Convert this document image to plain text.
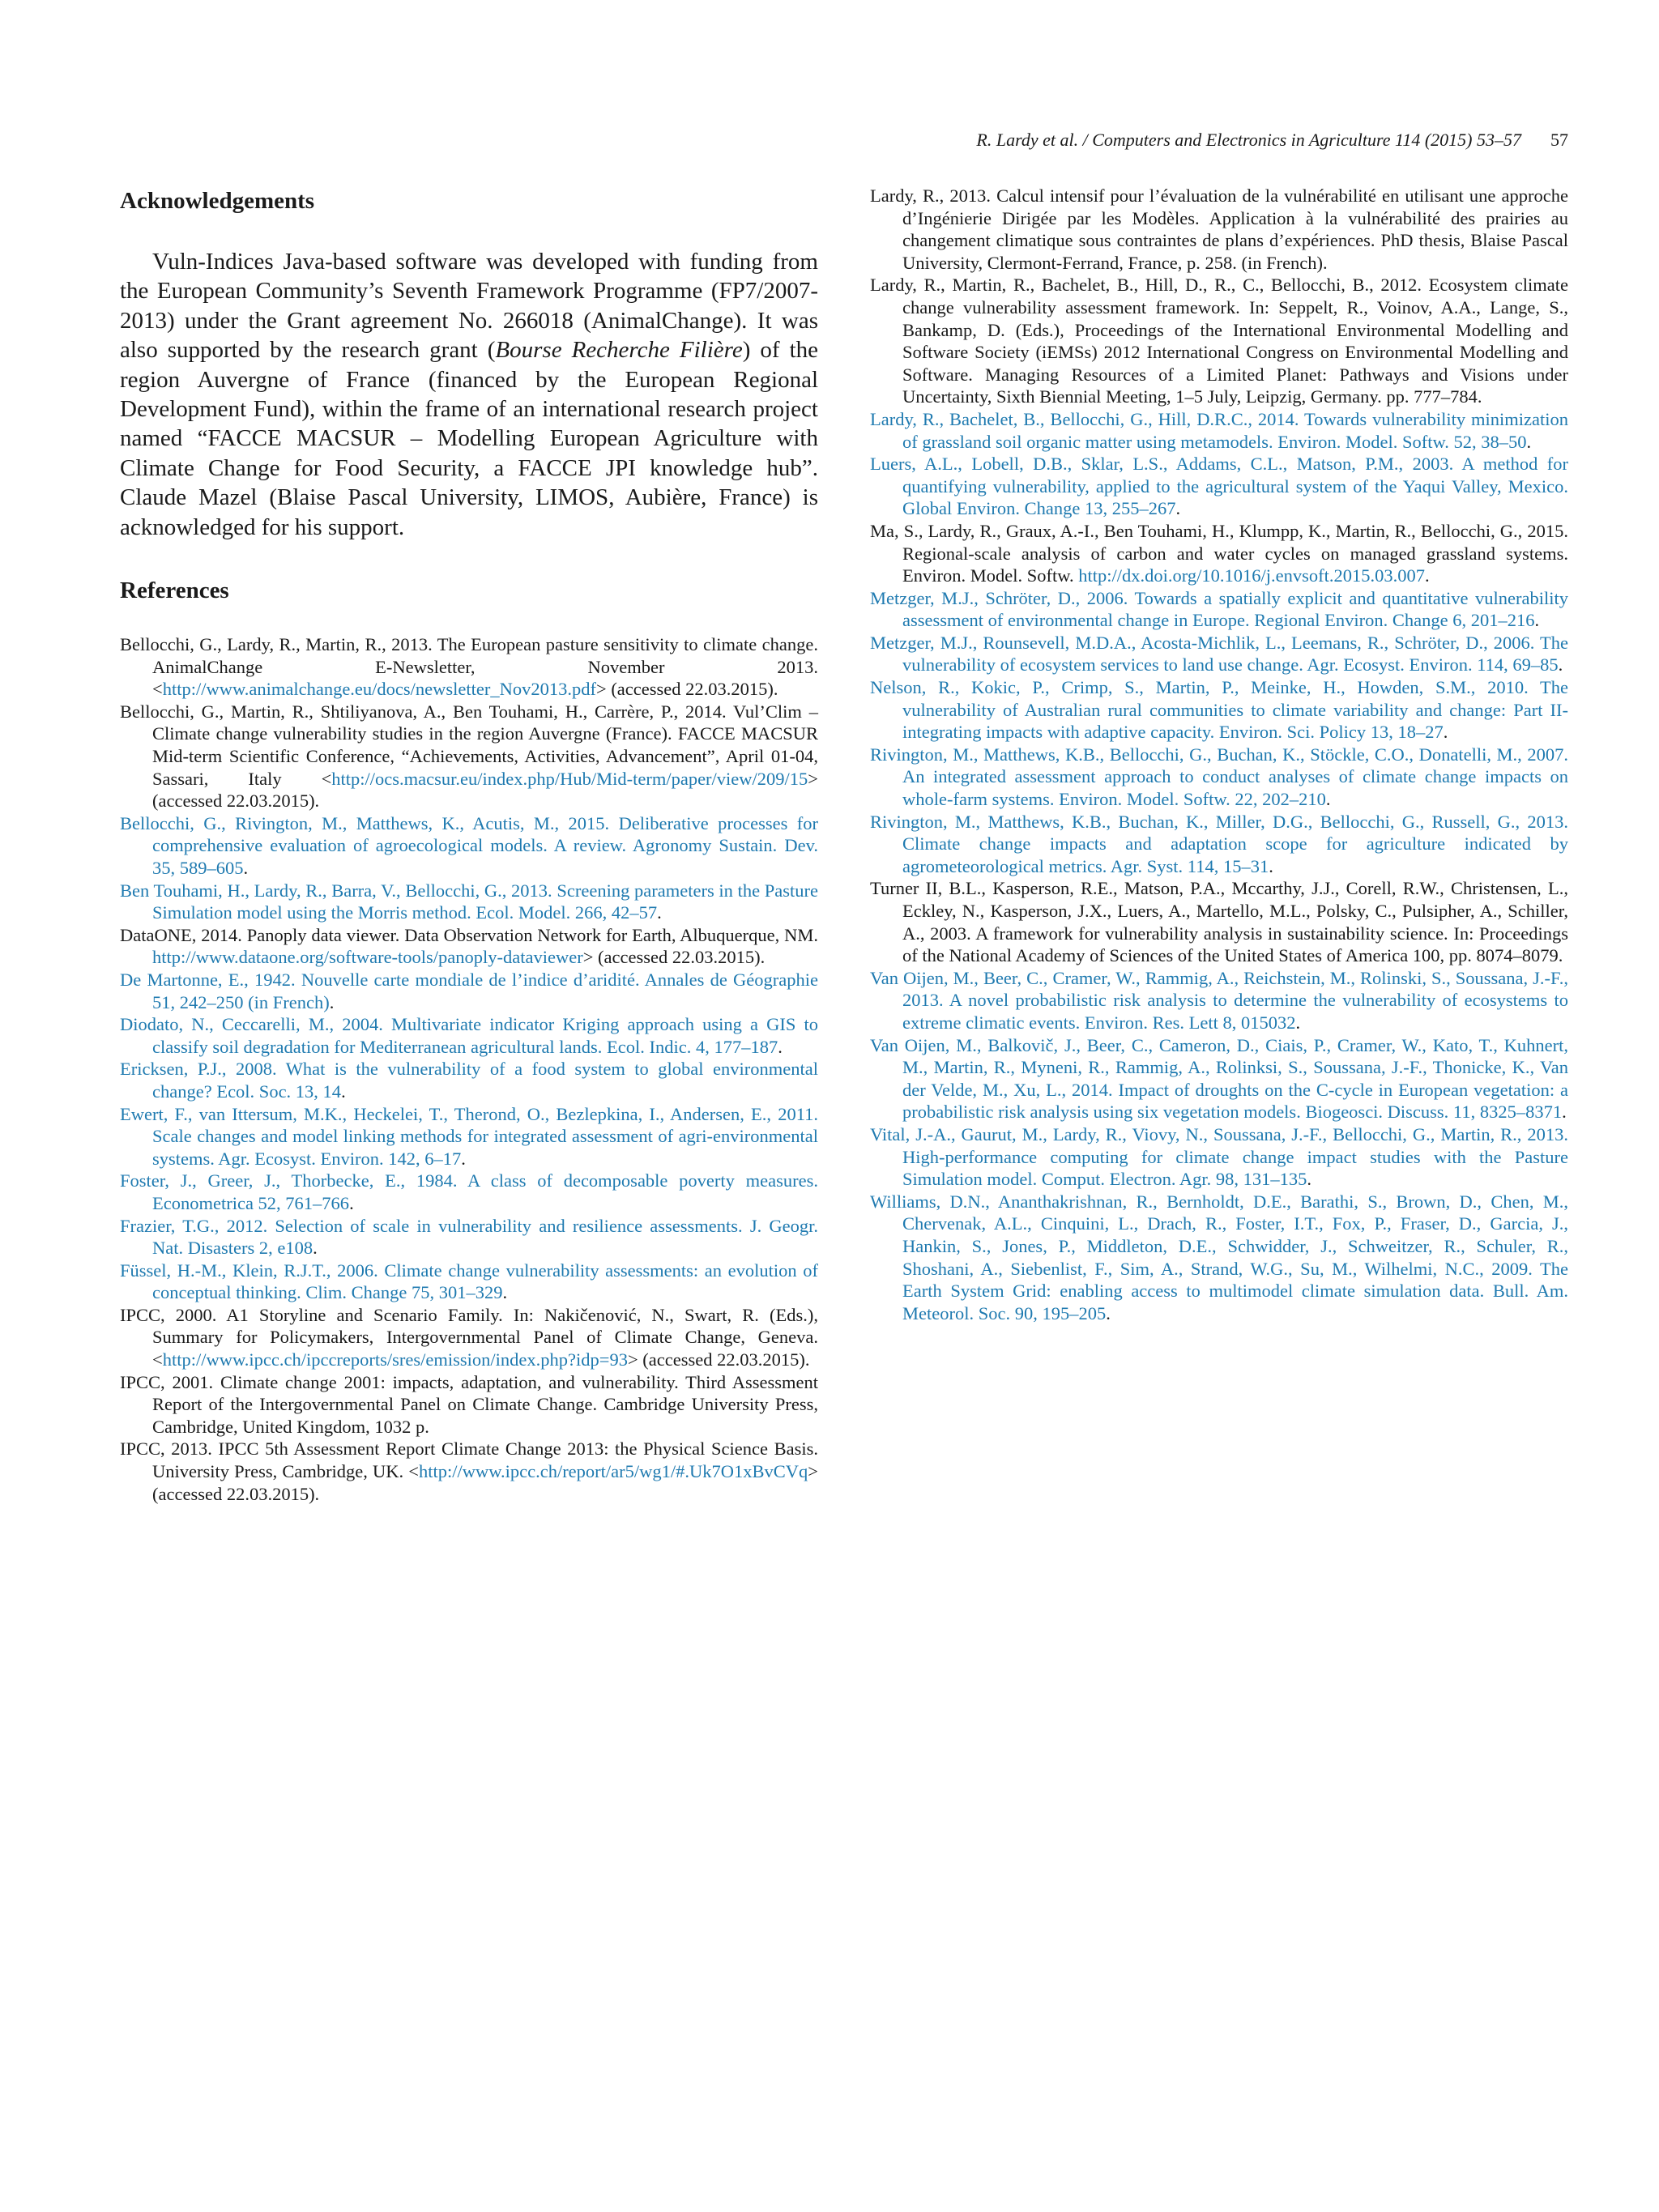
R. Lardy et al. / Computers and Electronics in Agriculture 114 (2015) 53–57 57
Acknowledgements

Vuln-Indices Java-based software was developed with funding from the European Community’s Seventh Framework Programme (FP7/2007-2013) under the Grant agreement No. 266018 (AnimalChange). It was also supported by the research grant (Bourse Recherche Filière) of the region Auvergne of France (financed by the European Regional Development Fund), within the frame of an international research project named “FACCE MACSUR – Modelling European Agriculture with Climate Change for Food Security, a FACCE JPI knowledge hub”. Claude Mazel (Blaise Pascal University, LIMOS, Aubière, France) is acknowledged for his support.

References
Bellocchi, G., Lardy, R., Martin, R., 2013. The European pasture sensitivity to climate change. AnimalChange E-Newsletter, November 2013. <http://www.animalchange.eu/docs/newsletter_Nov2013.pdf> (accessed 22.03.2015).
Bellocchi, G., Martin, R., Shtiliyanova, A., Ben Touhami, H., Carrère, P., 2014. Vul’Clim – Climate change vulnerability studies in the region Auvergne (France). FACCE MACSUR Mid-term Scientific Conference, “Achievements, Activities, Advancement”, April 01-04, Sassari, Italy <http://ocs.macsur.eu/index.php/Hub/Mid-term/paper/view/209/15> (accessed 22.03.2015).
Bellocchi, G., Rivington, M., Matthews, K., Acutis, M., 2015. Deliberative processes for comprehensive evaluation of agroecological models. A review. Agronomy Sustain. Dev. 35, 589–605.
Ben Touhami, H., Lardy, R., Barra, V., Bellocchi, G., 2013. Screening parameters in the Pasture Simulation model using the Morris method. Ecol. Model. 266, 42–57.
DataONE, 2014. Panoply data viewer. Data Observation Network for Earth, Albuquerque, NM. http://www.dataone.org/software-tools/panoply-dataviewer> (accessed 22.03.2015).
De Martonne, E., 1942. Nouvelle carte mondiale de l’indice d’aridité. Annales de Géographie 51, 242–250 (in French).
Diodato, N., Ceccarelli, M., 2004. Multivariate indicator Kriging approach using a GIS to classify soil degradation for Mediterranean agricultural lands. Ecol. Indic. 4, 177–187.
Ericksen, P.J., 2008. What is the vulnerability of a food system to global environmental change? Ecol. Soc. 13, 14.
Ewert, F., van Ittersum, M.K., Heckelei, T., Therond, O., Bezlepkina, I., Andersen, E., 2011. Scale changes and model linking methods for integrated assessment of agri-environmental systems. Agr. Ecosyst. Environ. 142, 6–17.
Foster, J., Greer, J., Thorbecke, E., 1984. A class of decomposable poverty measures. Econometrica 52, 761–766.
Frazier, T.G., 2012. Selection of scale in vulnerability and resilience assessments. J. Geogr. Nat. Disasters 2, e108.
Füssel, H.-M., Klein, R.J.T., 2006. Climate change vulnerability assessments: an evolution of conceptual thinking. Clim. Change 75, 301–329.
IPCC, 2000. A1 Storyline and Scenario Family. In: Nakičenović, N., Swart, R. (Eds.), Summary for Policymakers, Intergovernmental Panel of Climate Change, Geneva. <http://www.ipcc.ch/ipccreports/sres/emission/index.php?idp=93> (accessed 22.03.2015).
IPCC, 2001. Climate change 2001: impacts, adaptation, and vulnerability. Third Assessment Report of the Intergovernmental Panel on Climate Change. Cambridge University Press, Cambridge, United Kingdom, 1032 p.
IPCC, 2013. IPCC 5th Assessment Report Climate Change 2013: the Physical Science Basis. University Press, Cambridge, UK. <http://www.ipcc.ch/report/ar5/wg1/#.Uk7O1xBvCVq> (accessed 22.03.2015).
Lardy, R., 2013. Calcul intensif pour l’évaluation de la vulnérabilité en utilisant une approche d’Ingénierie Dirigée par les Modèles. Application à la vulnérabilité des prairies au changement climatique sous contraintes de plans d’expériences. PhD thesis, Blaise Pascal University, Clermont-Ferrand, France, p. 258. (in French).
Lardy, R., Martin, R., Bachelet, B., Hill, D., R., C., Bellocchi, B., 2012. Ecosystem climate change vulnerability assessment framework. In: Seppelt, R., Voinov, A.A., Lange, S., Bankamp, D. (Eds.), Proceedings of the International Environmental Modelling and Software Society (iEMSs) 2012 International Congress on Environmental Modelling and Software. Managing Resources of a Limited Planet: Pathways and Visions under Uncertainty, Sixth Biennial Meeting, 1–5 July, Leipzig, Germany. pp. 777–784.
Lardy, R., Bachelet, B., Bellocchi, G., Hill, D.R.C., 2014. Towards vulnerability minimization of grassland soil organic matter using metamodels. Environ. Model. Softw. 52, 38–50.
Luers, A.L., Lobell, D.B., Sklar, L.S., Addams, C.L., Matson, P.M., 2003. A method for quantifying vulnerability, applied to the agricultural system of the Yaqui Valley, Mexico. Global Environ. Change 13, 255–267.
Ma, S., Lardy, R., Graux, A.-I., Ben Touhami, H., Klumpp, K., Martin, R., Bellocchi, G., 2015. Regional-scale analysis of carbon and water cycles on managed grassland systems. Environ. Model. Softw. http://dx.doi.org/10.1016/j.envsoft.2015.03.007.
Metzger, M.J., Schröter, D., 2006. Towards a spatially explicit and quantitative vulnerability assessment of environmental change in Europe. Regional Environ. Change 6, 201–216.
Metzger, M.J., Rounsevell, M.D.A., Acosta-Michlik, L., Leemans, R., Schröter, D., 2006. The vulnerability of ecosystem services to land use change. Agr. Ecosyst. Environ. 114, 69–85.
Nelson, R., Kokic, P., Crimp, S., Martin, P., Meinke, H., Howden, S.M., 2010. The vulnerability of Australian rural communities to climate variability and change: Part II-integrating impacts with adaptive capacity. Environ. Sci. Policy 13, 18–27.
Rivington, M., Matthews, K.B., Bellocchi, G., Buchan, K., Stöckle, C.O., Donatelli, M., 2007. An integrated assessment approach to conduct analyses of climate change impacts on whole-farm systems. Environ. Model. Softw. 22, 202–210.
Rivington, M., Matthews, K.B., Buchan, K., Miller, D.G., Bellocchi, G., Russell, G., 2013. Climate change impacts and adaptation scope for agriculture indicated by agrometeorological metrics. Agr. Syst. 114, 15–31.
Turner II, B.L., Kasperson, R.E., Matson, P.A., Mccarthy, J.J., Corell, R.W., Christensen, L., Eckley, N., Kasperson, J.X., Luers, A., Martello, M.L., Polsky, C., Pulsipher, A., Schiller, A., 2003. A framework for vulnerability analysis in sustainability science. In: Proceedings of the National Academy of Sciences of the United States of America 100, pp. 8074–8079.
Van Oijen, M., Beer, C., Cramer, W., Rammig, A., Reichstein, M., Rolinski, S., Soussana, J.-F., 2013. A novel probabilistic risk analysis to determine the vulnerability of ecosystems to extreme climatic events. Environ. Res. Lett 8, 015032.
Van Oijen, M., Balkovič, J., Beer, C., Cameron, D., Ciais, P., Cramer, W., Kato, T., Kuhnert, M., Martin, R., Myneni, R., Rammig, A., Rolinksi, S., Soussana, J.-F., Thonicke, K., Van der Velde, M., Xu, L., 2014. Impact of droughts on the C-cycle in European vegetation: a probabilistic risk analysis using six vegetation models. Biogeosci. Discuss. 11, 8325–8371.
Vital, J.-A., Gaurut, M., Lardy, R., Viovy, N., Soussana, J.-F., Bellocchi, G., Martin, R., 2013. High-performance computing for climate change impact studies with the Pasture Simulation model. Comput. Electron. Agr. 98, 131–135.
Williams, D.N., Ananthakrishnan, R., Bernholdt, D.E., Barathi, S., Brown, D., Chen, M., Chervenak, A.L., Cinquini, L., Drach, R., Foster, I.T., Fox, P., Fraser, D., Garcia, J., Hankin, S., Jones, P., Middleton, D.E., Schwidder, J., Schweitzer, R., Schuler, R., Shoshani, A., Siebenlist, F., Sim, A., Strand, W.G., Su, M., Wilhelmi, N.C., 2009. The Earth System Grid: enabling access to multimodel climate simulation data. Bull. Am. Meteorol. Soc. 90, 195–205.
